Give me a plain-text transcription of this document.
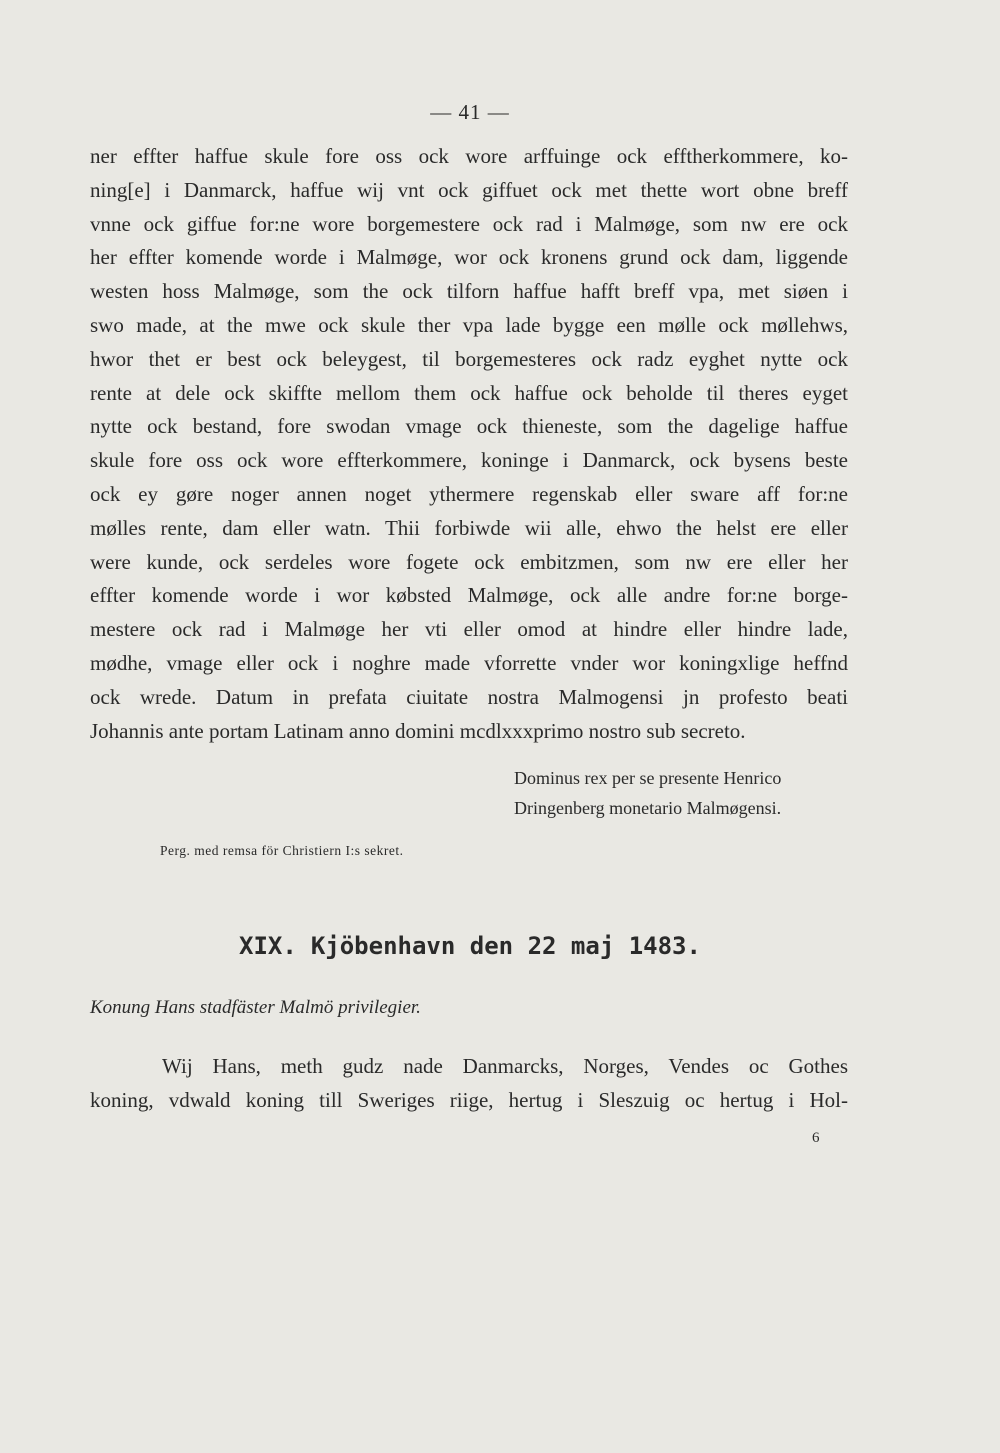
— 41 —
ner effter haffue skule fore oss ock wore arffuinge ock efftherkommere, ko-
ning[e] i Danmarck, haffue wij vnt ock giffuet ock met thette wort obne breff
vnne ock giffue for:ne wore borgemestere ock rad i Malmøge, som nw ere ock
her effter komende worde i Malmøge, wor ock kronens grund ock dam, liggende
westen hoss Malmøge, som the ock tilforn haffue hafft breff vpa, met siøen i
swo made, at the mwe ock skule ther vpa lade bygge een mølle ock møllehws,
hwor thet er best ock beleygest, til borgemesteres ock radz eyghet nytte ock
rente at dele ock skiffte mellom them ock haffue ock beholde til theres eyget
nytte ock bestand, fore swodan vmage ock thieneste, som the dagelige haffue
skule fore oss ock wore effterkommere, koninge i Danmarck, ock bysens beste
ock ey gøre noger annen noget ythermere regenskab eller sware aff for:ne
mølles rente, dam eller watn. Thii forbiwde wii alle, ehwo the helst ere eller
were kunde, ock serdeles wore fogete ock embitzmen, som nw ere eller her
effter komende worde i wor købsted Malmøge, ock alle andre for:ne borge-
mestere ock rad i Malmøge her vti eller omod at hindre eller hindre lade,
mødhe, vmage eller ock i noghre made vforrette vnder wor koningxlige heffnd
ock wrede. Datum in prefata ciuitate nostra Malmogensi jn profesto beati
Johannis ante portam Latinam anno domini mcdlxxxprimo nostro sub secreto.
Dominus rex per se presente Henrico
Dringenberg monetario Malmøgensi.
Perg. med remsa för Christiern I:s sekret.
XIX. Kjöbenhavn den 22 maj 1483.
Konung Hans stadfäster Malmö privilegier.
Wij Hans, meth gudz nade Danmarcks, Norges, Vendes oc Gothes
koning, vdwald koning till Sweriges riige, hertug i Sleszuig oc hertug i Hol-
6
